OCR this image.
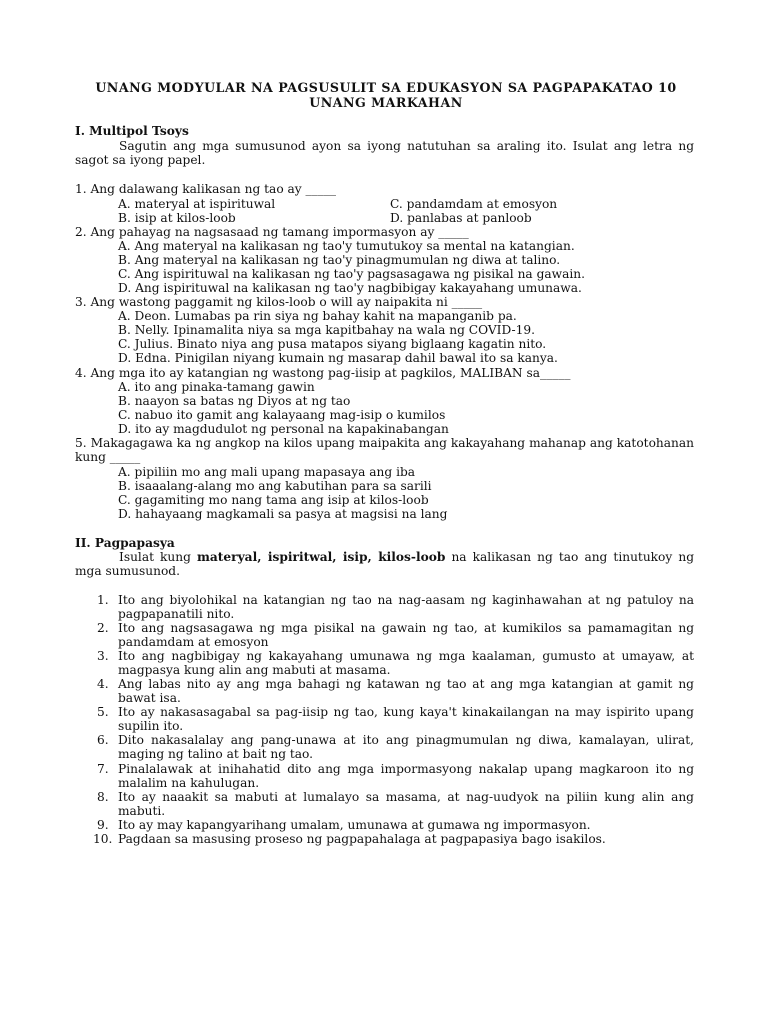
UNANG MODYULAR NA PAGSUSULIT SA EDUKASYON SA PAGPAPAKATAO 10
UNANG MARKAHAN
I. Multipol Tsoys
Sagutin ang mga sumusunod ayon sa iyong natutuhan sa araling ito. Isulat ang letra ng sagot sa iyong papel.
1. Ang dalawang kalikasan ng tao ay _____
A. materyal at ispirituwal	C. pandamdam at emosyon
B. isip at kilos-loob	D. panlabas at panloob
2. Ang pahayag na nagsasaad ng tamang impormasyon ay _____
A. Ang materyal na kalikasan ng tao'y tumutukoy sa mental na katangian.
B. Ang materyal na kalikasan ng tao'y pinagmumulan ng diwa at talino.
C. Ang ispirituwal na kalikasan ng tao'y pagsasagawa ng pisikal na gawain.
D. Ang ispirituwal na kalikasan ng tao'y nagbibigay kakayahang umunawa.
3. Ang wastong paggamit ng kilos-loob o will ay naipakita ni _____
A. Deon. Lumabas pa rin siya ng bahay kahit na mapanganib pa.
B. Nelly. Ipinamalita niya sa mga kapitbahay na wala ng COVID-19.
C. Julius. Binato niya ang pusa matapos siyang biglaang kagatin nito.
D. Edna. Pinigilan niyang kumain ng masarap dahil bawal ito sa kanya.
4. Ang mga ito ay katangian ng wastong pag-iisip at pagkilos, MALIBAN sa_____
A. ito ang pinaka-tamang gawin
B. naayon sa batas ng Diyos at ng tao
C. nabuo ito gamit ang kalayaang mag-isip o kumilos
D. ito ay magdudulot ng personal na kapakinabangan
5. Makagagawa ka ng angkop na kilos upang maipakita ang kakayahang mahanap ang katotohanan kung _____
A. pipiliin mo ang mali upang mapasaya ang iba
B. isaaalang-alang mo ang kabutihan para sa sarili
C. gagamiting mo nang tama ang isip at kilos-loob
D. hahayaang magkamali sa pasya at magsisi na lang
II. Pagpapasya
Isulat kung materyal, ispiritwal, isip, kilos-loob na kalikasan ng tao ang tinutukoy ng mga sumusunod.
1. Ito ang biyolohikal na katangian ng tao na nag-aasam ng kaginhawahan at ng patuloy na pagpapanatili nito.
2. Ito ang nagsasagawa ng mga pisikal na gawain ng tao, at kumikilos sa pamamagitan ng pandamdam at emosyon
3. Ito ang nagbibigay ng kakayahang umunawa ng mga kaalaman, gumusto at umayaw, at magpasya kung alin ang mabuti at masama.
4. Ang labas nito ay ang mga bahagi ng katawan ng tao at ang mga katangian at gamit ng bawat isa.
5. Ito ay nakasasagabal sa pag-iisip ng tao, kung kaya't kinakailangan na may ispirito upang supilin ito.
6. Dito nakasalalay ang pang-unawa at ito ang pinagmumulan ng diwa, kamalayan, ulirat, maging ng talino at bait ng tao.
7. Pinalalawak at inihahatid dito ang mga impormasyong nakalap upang magkaroon ito ng malalim na kahulugan.
8. Ito ay naaakit sa mabuti at lumalayo sa masama, at nag-uudyok na piliin kung alin ang mabuti.
9. Ito ay may kapangyarihang umalam, umunawa at gumawa ng impormasyon.
10. Pagdaan sa masusing proseso ng pagpapahalaga at pagpapasiya bago isakilos.
